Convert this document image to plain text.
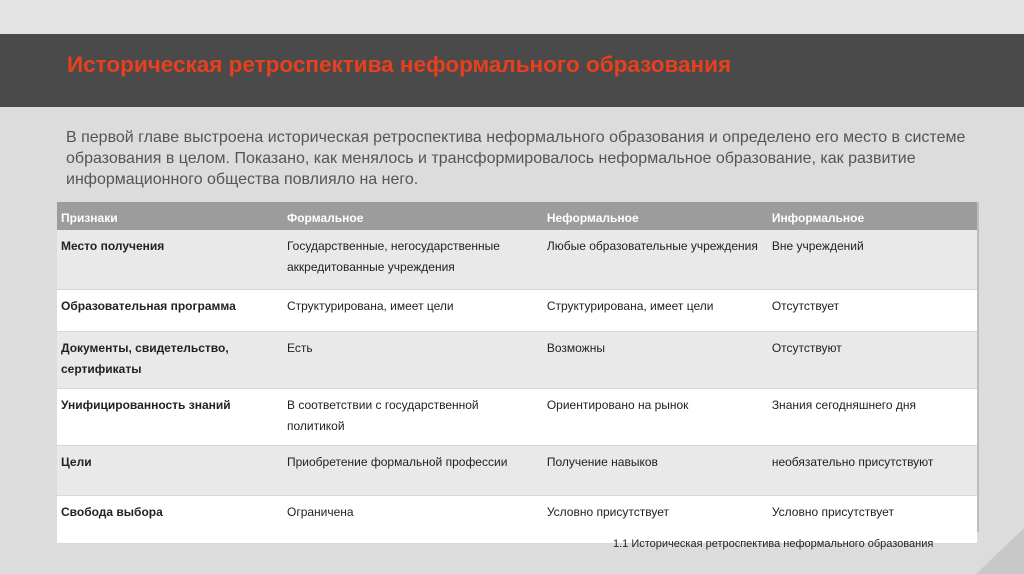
Историческая ретроспектива неформального образования
В первой главе выстроена историческая ретроспектива неформального образования и определено его место в системе образования в целом. Показано, как менялось и трансформировалось неформальное образование, как развитие информационного общества повлияло на него.
Признаки	Формальное	Неформальное	Информальное
Место получения	Государственные, негосударственные аккредитованные учреждения	Любые образовательные учреждения	Вне учреждений
Образовательная программа	Структурирована, имеет цели	Структурирована, имеет цели	Отсутствует
Документы, свидетельство, сертификаты	Есть	Возможны	Отсутствуют
Унифицированность знаний	В соответствии с государственной политикой	Ориентировано на рынок	Знания сегодняшнего дня
Цели	Приобретение формальной профессии	Получение навыков	необязательно присутствуют
Свобода выбора	Ограничена	Условно присутствует	Условно присутствует
1.1 Историческая ретроспектива неформального образования
